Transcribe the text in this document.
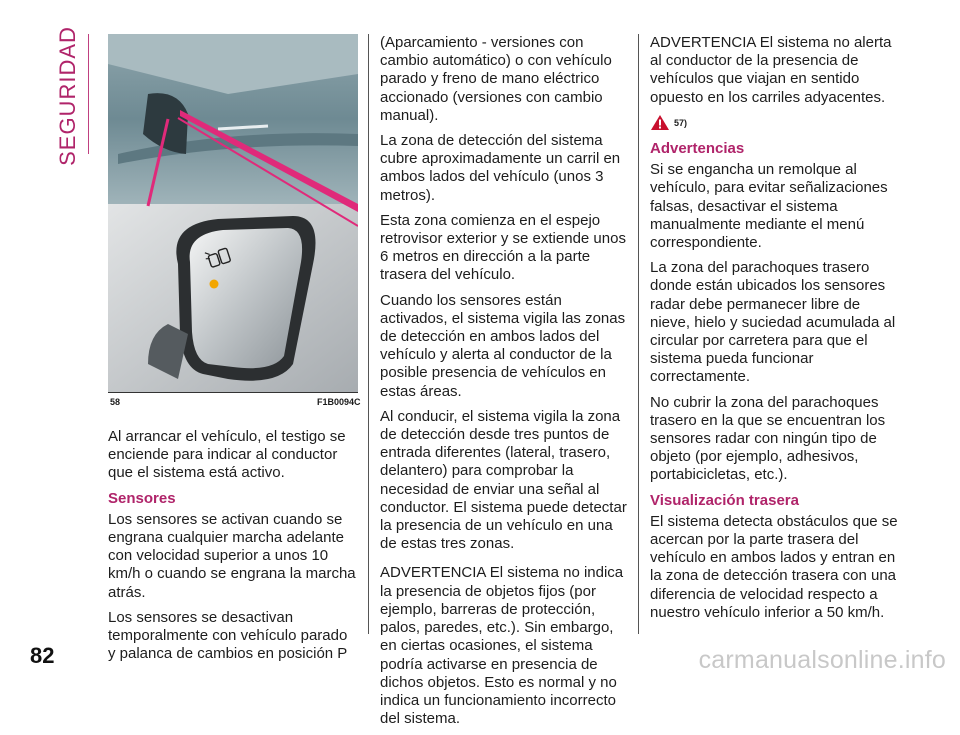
SEGURIDAD
58	F1B0094C

Al arrancar el vehículo, el testigo se enciende para indicar al conductor que el sistema está activo.

Sensores

Los sensores se activan cuando se engrana cualquier marcha adelante con velocidad superior a unos 10 km/h o cuando se engrana la marcha atrás.

Los sensores se desactivan temporalmente con vehículo parado y palanca de cambios en posición P

(Aparcamiento - versiones con cambio automático) o con vehículo parado y freno de mano eléctrico accionado (versiones con cambio manual).

La zona de detección del sistema cubre aproximadamente un carril en ambos lados del vehículo (unos 3 metros).

Esta zona comienza en el espejo retrovisor exterior y se extiende unos 6 metros en dirección a la parte trasera del vehículo.

Cuando los sensores están activados, el sistema vigila las zonas de detección en ambos lados del vehículo y alerta al conductor de la posible presencia de vehículos en estas áreas.

Al conducir, el sistema vigila la zona de detección desde tres puntos de entrada diferentes (lateral, trasero, delantero) para comprobar la necesidad de enviar una señal al conductor. El sistema puede detectar la presencia de un vehículo en una de estas tres zonas.

ADVERTENCIA El sistema no indica la presencia de objetos fijos (por ejemplo, barreras de protección, palos, paredes, etc.). Sin embargo, en ciertas ocasiones, el sistema podría activarse en presencia de dichos objetos. Esto es normal y no indica un funcionamiento incorrecto del sistema.

ADVERTENCIA El sistema no alerta al conductor de la presencia de vehículos que viajan en sentido opuesto en los carriles adyacentes.

57)
Advertencias

Si se engancha un remolque al vehículo, para evitar señalizaciones falsas, desactivar el sistema manualmente mediante el menú correspondiente.

La zona del parachoques trasero donde están ubicados los sensores radar debe permanecer libre de nieve, hielo y suciedad acumulada al circular por carretera para que el sistema pueda funcionar correctamente.

No cubrir la zona del parachoques trasero en la que se encuentran los sensores radar con ningún tipo de objeto (por ejemplo, adhesivos, portabicicletas, etc.).

Visualización trasera

El sistema detecta obstáculos que se acercan por la parte trasera del vehículo en ambos lados y entran en la zona de detección trasera con una diferencia de velocidad respecto a nuestro vehículo inferior a 50 km/h.

82	carmanualsonline.info
